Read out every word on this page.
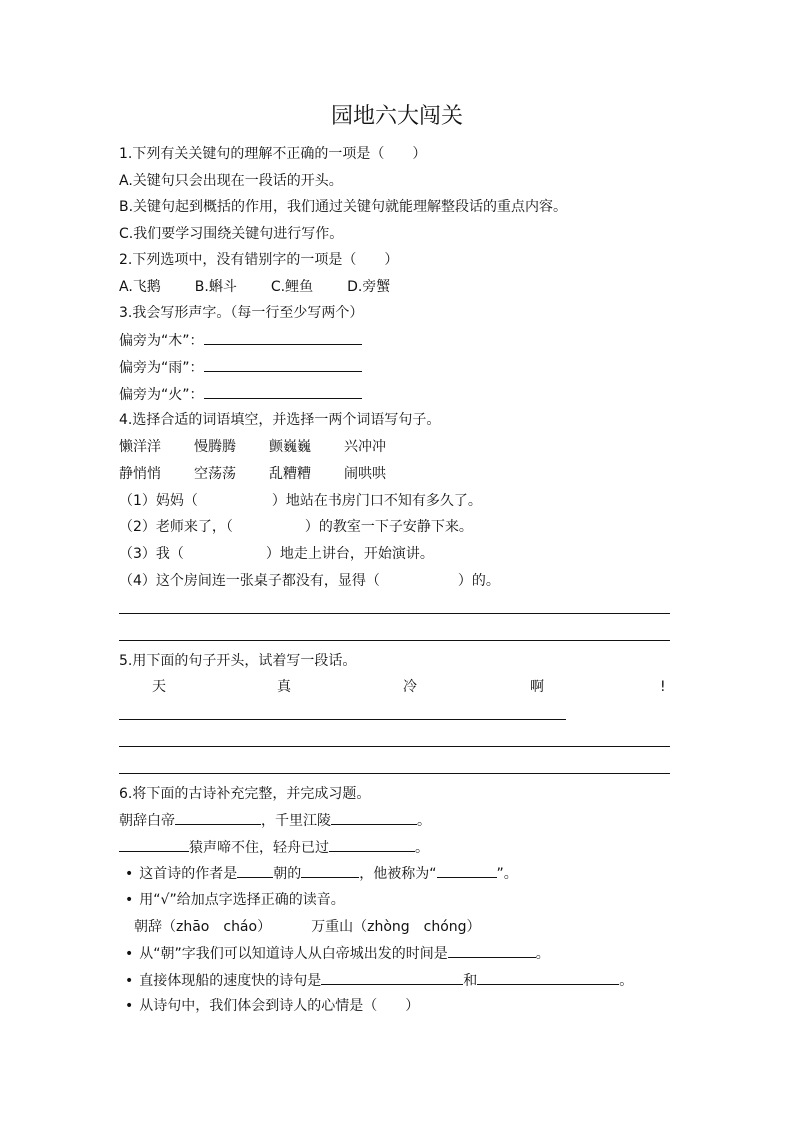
园地六大闯关
1.下列有关关键句的理解不正确的一项是（　　）
A.关键句只会出现在一段话的开头。
B.关键句起到概括的作用，我们通过关键句就能理解整段话的重点内容。
C.我们要学习围绕关键句进行写作。
2.下列选项中，没有错别字的一项是（　　）
A.飞鹅 B.蝌斗 C.鲤鱼 D.旁蟹
3.我会写形声字。（每一行至少写两个）
偏旁为“木”：
偏旁为“雨”：
偏旁为“火”：
4.选择合适的词语填空，并选择一两个词语写句子。
懒洋洋 慢腾腾 颤巍巍 兴冲冲
静悄悄 空荡荡 乱糟糟 闹哄哄
（1）妈妈（	）地站在书房门口不知有多久了。
（2）老师来了，（	）的教室一下子安静下来。
（3）我（	）地走上讲台，开始演讲。
（4）这个房间连一张桌子都没有，显得（	）的。
5.用下面的句子开头，试着写一段话。
天	真	冷	啊	!
6.将下面的古诗补充完整，并完成习题。
朝辞白帝	，千里江陵	。
猿声啼不住，轻舟已过	。
• 这首诗的作者是	朝的	，他被称为“	”。
• 用“√”给加点字选择正确的读音。
朝辞（zhāo　cháo）	万重山（zhòng　chóng）
• 从“朝”字我们可以知道诗人从白帝城出发的时间是	。
• 直接体现船的速度快的诗句是	和	。
• 从诗句中，我们体会到诗人的心情是（　　）
